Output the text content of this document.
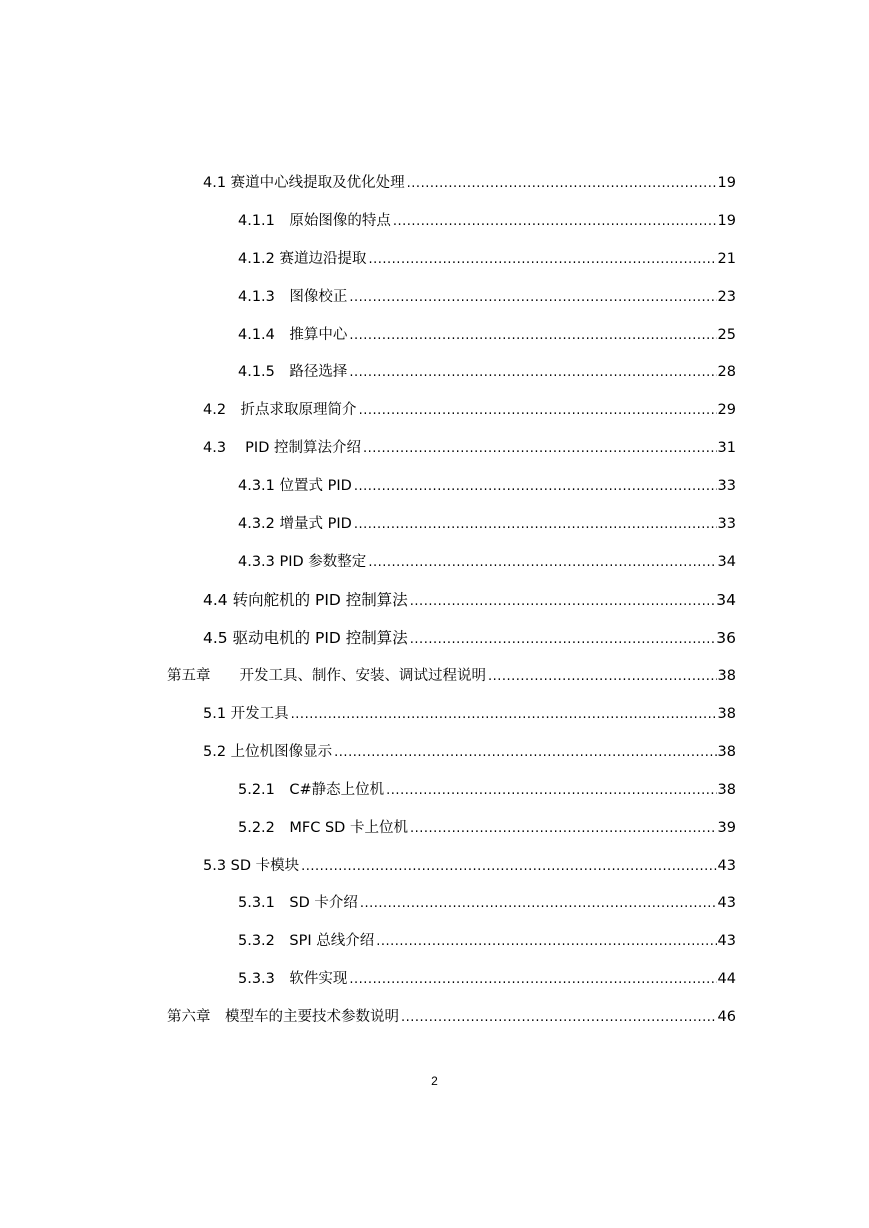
4.1 赛道中心线提取及优化处理 .....	19
4.1.1　原始图像的特点 .....	19
4.1.2 赛道边沿提取 .....	21
4.1.3　图像校正 .....	23
4.1.4　推算中心 .....	25
4.1.5　路径选择 .....	28
4.2　折点求取原理简介 .....	29
4.3　 PID 控制算法介绍 .....	31
4.3.1 位置式 PID .....	33
4.3.2 增量式 PID .....	33
4.3.3 PID 参数整定 .....	34
4.4 转向舵机的 PID 控制算法 .....	34
4.5 驱动电机的 PID 控制算法 .....	36
第五章　　开发工具、制作、安装、调试过程说明 .....	38
5.1 开发工具 .....	38
5.2 上位机图像显示 .....	38
5.2.1　C#静态上位机 .....	38
5.2.2　MFC SD 卡上位机 .....	39
5.3 SD 卡模块 .....	43
5.3.1　SD 卡介绍 .....	43
5.3.2　SPI 总线介绍 .....	43
5.3.3　软件实现 .....	44
第六章　模型车的主要技术参数说明 .....	46
2
